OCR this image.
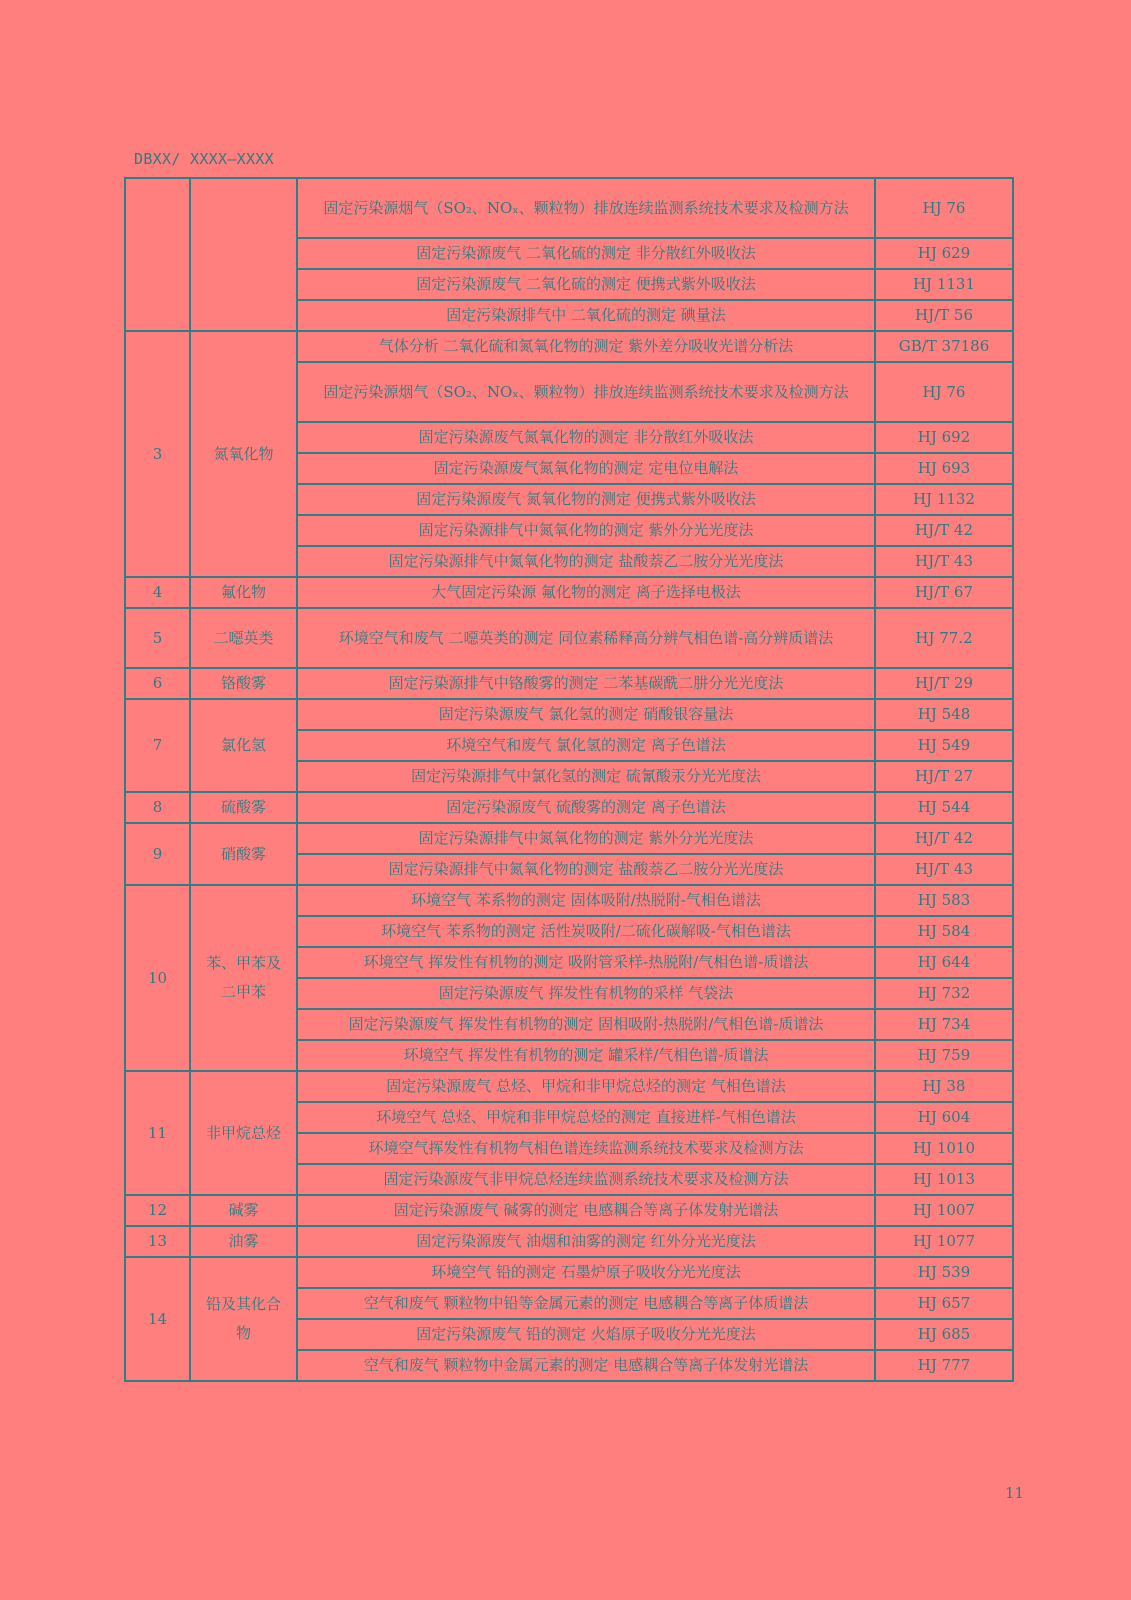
DBXX/ XXXX—XXXX
		固定污染源烟气（SO₂、NOₓ、颗粒物）排放连续监测系统技术要求及检测方法	HJ 76
		固定污染源废气 二氧化硫的测定 非分散红外吸收法	HJ 629
		固定污染源废气 二氧化硫的测定 便携式紫外吸收法	HJ 1131
		固定污染源排气中 二氧化硫的测定 碘量法	HJ/T 56
3	氮氧化物	气体分析 二氧化硫和氮氧化物的测定 紫外差分吸收光谱分析法	GB/T 37186
		固定污染源烟气（SO₂、NOₓ、颗粒物）排放连续监测系统技术要求及检测方法	HJ 76
		固定污染源废气氮氧化物的测定 非分散红外吸收法	HJ 692
		固定污染源废气氮氧化物的测定 定电位电解法	HJ 693
		固定污染源废气 氮氧化物的测定 便携式紫外吸收法	HJ 1132
		固定污染源排气中氮氧化物的测定 紫外分光光度法	HJ/T 42
		固定污染源排气中氮氧化物的测定 盐酸萘乙二胺分光光度法	HJ/T 43
4	氟化物	大气固定污染源 氟化物的测定 离子选择电极法	HJ/T 67
5	二噁英类	环境空气和废气 二噁英类的测定 同位素稀释高分辨气相色谱-高分辨质谱法	HJ 77.2
6	铬酸雾	固定污染源排气中铬酸雾的测定 二苯基碳酰二肼分光光度法	HJ/T 29
7	氯化氢	固定污染源废气 氯化氢的测定 硝酸银容量法	HJ 548
		环境空气和废气 氯化氢的测定 离子色谱法	HJ 549
		固定污染源排气中氯化氢的测定 硫氰酸汞分光光度法	HJ/T 27
8	硫酸雾	固定污染源废气 硫酸雾的测定 离子色谱法	HJ 544
9	硝酸雾	固定污染源排气中氮氧化物的测定 紫外分光光度法	HJ/T 42
		固定污染源排气中氮氧化物的测定 盐酸萘乙二胺分光光度法	HJ/T 43
10	苯、甲苯及二甲苯	环境空气 苯系物的测定 固体吸附/热脱附-气相色谱法	HJ 583
		环境空气 苯系物的测定 活性炭吸附/二硫化碳解吸-气相色谱法	HJ 584
		环境空气 挥发性有机物的测定 吸附管采样-热脱附/气相色谱-质谱法	HJ 644
		固定污染源废气 挥发性有机物的采样 气袋法	HJ 732
		固定污染源废气 挥发性有机物的测定 固相吸附-热脱附/气相色谱-质谱法	HJ 734
		环境空气 挥发性有机物的测定 罐采样/气相色谱-质谱法	HJ 759
11	非甲烷总烃	固定污染源废气 总烃、甲烷和非甲烷总烃的测定 气相色谱法	HJ 38
		环境空气 总烃、甲烷和非甲烷总烃的测定 直接进样-气相色谱法	HJ 604
		环境空气挥发性有机物气相色谱连续监测系统技术要求及检测方法	HJ 1010
		固定污染源废气非甲烷总烃连续监测系统技术要求及检测方法	HJ 1013
12	碱雾	固定污染源废气 碱雾的测定 电感耦合等离子体发射光谱法	HJ 1007
13	油雾	固定污染源废气 油烟和油雾的测定 红外分光光度法	HJ 1077
14	铅及其化合物	环境空气 铅的测定 石墨炉原子吸收分光光度法	HJ 539
		空气和废气 颗粒物中铅等金属元素的测定 电感耦合等离子体质谱法	HJ 657
		固定污染源废气 铅的测定 火焰原子吸收分光光度法	HJ 685
		空气和废气 颗粒物中金属元素的测定 电感耦合等离子体发射光谱法	HJ 777
11
